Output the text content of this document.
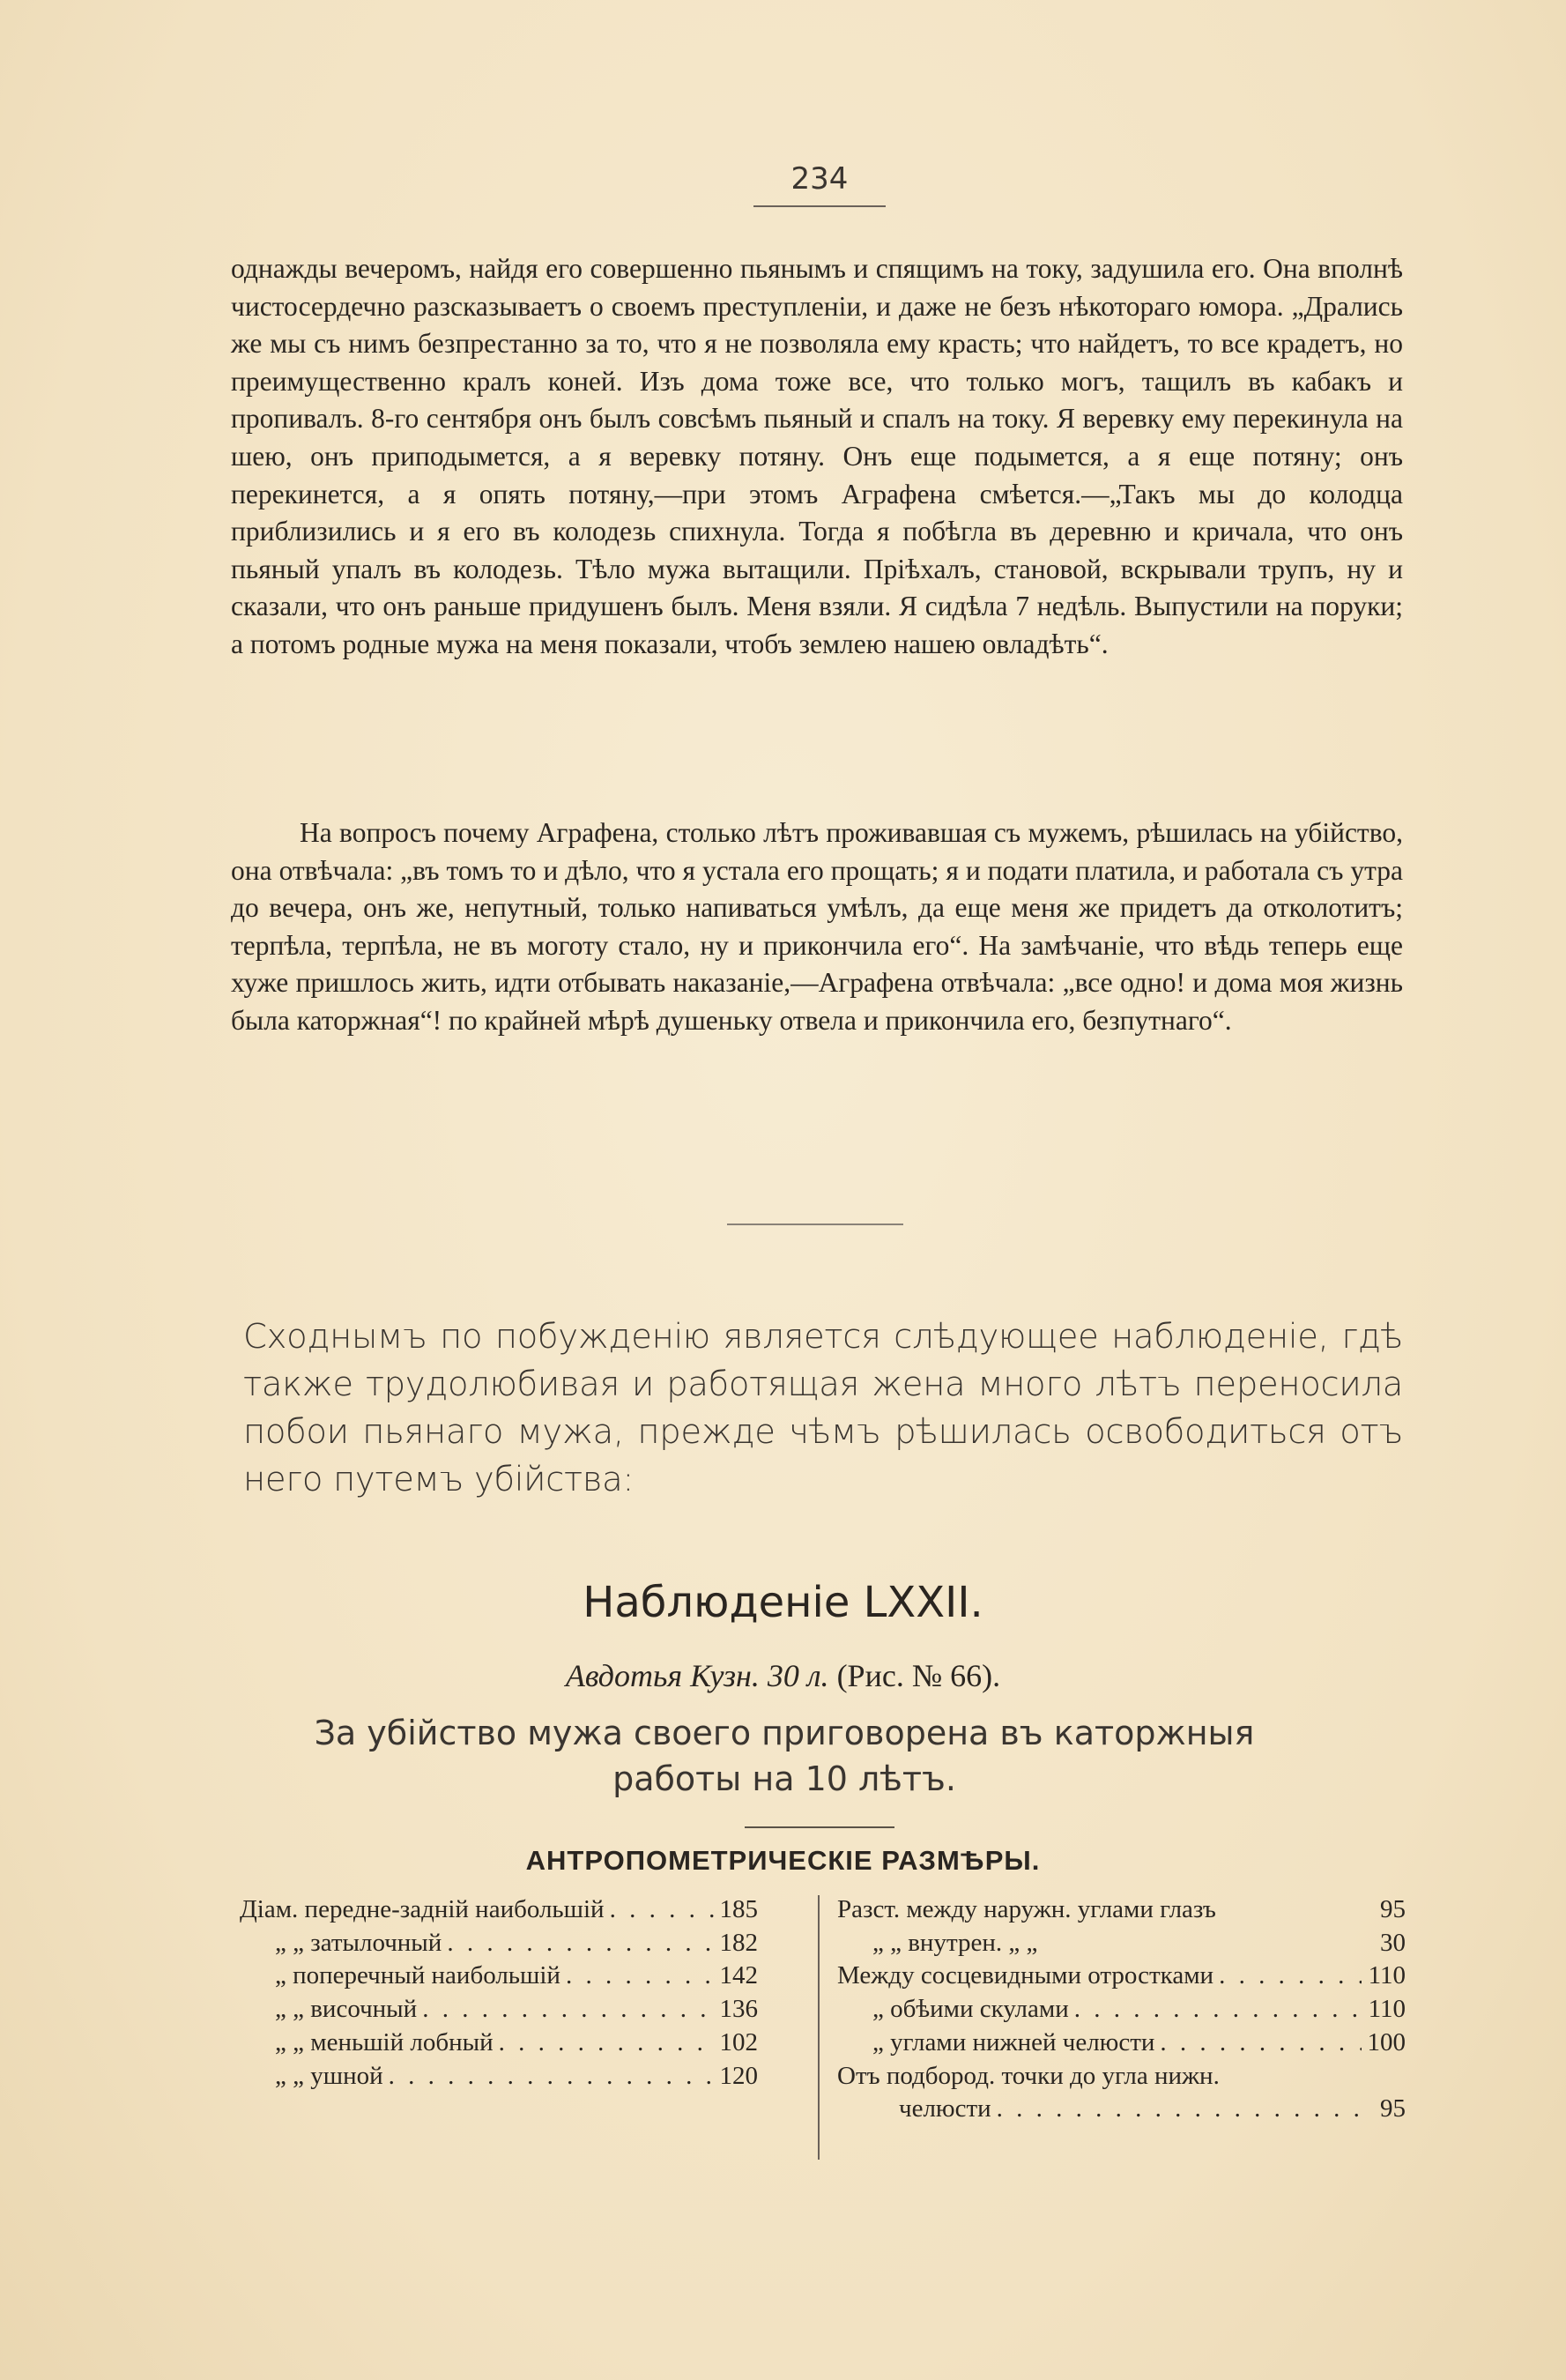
234

однажды вечеромъ, найдя его совершенно пьянымъ и спящимъ на току, задушила его. Она вполнѣ чистосердечно разсказываетъ о своемъ преступленіи, и даже не безъ нѣкотораго юмора. „Дрались же мы съ нимъ безпрестанно за то, что я не позволяла ему красть; что найдетъ, то все крадетъ, но преимущественно кралъ коней. Изъ дома тоже все, что только могъ, тащилъ въ кабакъ и пропивалъ. 8-го сентября онъ былъ совсѣмъ пьяный и спалъ на току. Я веревку ему перекинула на шею, онъ приподымется, а я веревку потяну. Онъ еще подымется, а я еще потяну; онъ перекинется, а я опять потяну,—при этомъ Аграфена смѣется.—„Такъ мы до колодца приблизились и я его въ колодезь спихнула. Тогда я побѣгла въ деревню и кричала, что онъ пьяный упалъ въ колодезь. Тѣло мужа вытащили. Пріѣхалъ, становой, вскрывали трупъ, ну и сказали, что онъ раньше придушенъ былъ. Меня взяли. Я сидѣла 7 недѣль. Выпустили на поруки; а потомъ родные мужа на меня показали, чтобъ землею нашею овладѣть“.

На вопросъ почему Аграфена, столько лѣтъ проживавшая съ мужемъ, рѣшилась на убійство, она отвѣчала: „въ томъ то и дѣло, что я устала его прощать; я и подати платила, и работала съ утра до вечера, онъ же, непутный, только напиваться умѣлъ, да еще меня же придетъ да отколотитъ; терпѣла, терпѣла, не въ моготу стало, ну и прикончила его“. На замѣчаніе, что вѣдь теперь еще хуже пришлось жить, идти отбывать наказаніе,—Аграфена отвѣчала: „все одно! и дома моя жизнь была каторжная“! по крайней мѣрѣ душеньку отвела и прикончила его, безпутнаго“.

Сходнымъ по побужденію является слѣдующее наблюденіе, гдѣ также трудолюбивая и работящая жена много лѣтъ переносила побои пьянаго мужа, прежде чѣмъ рѣшилась освободиться отъ него путемъ убійства:

Наблюденіе LXXII.
Авдотья Кузн. 30 л. (Рис. № 66).
За убійство мужа своего приговорена въ каторжныя работы на 10 лѣтъ.
АНТРОПОМЕТРИЧЕСКІЕ РАЗМѢРЫ.
Діам. передне-задній наибольшій . . .	185
„ „ затылочный . . .	182
„ поперечный наибольшій . . .	142
„ „ височный . . .	136
„ „ меньшій лобный . . .	102
„ „ ушной . . .	120
Разст. между наружн. углами глазъ	95
„ „ внутрен. „ „	30
Между сосцевидными отростками . . .	110
„ обѣими скулами . . .	110
„ углами нижней челюсти . . .	100
Отъ подбород. точки до угла нижн.
челюсти . . .	95
